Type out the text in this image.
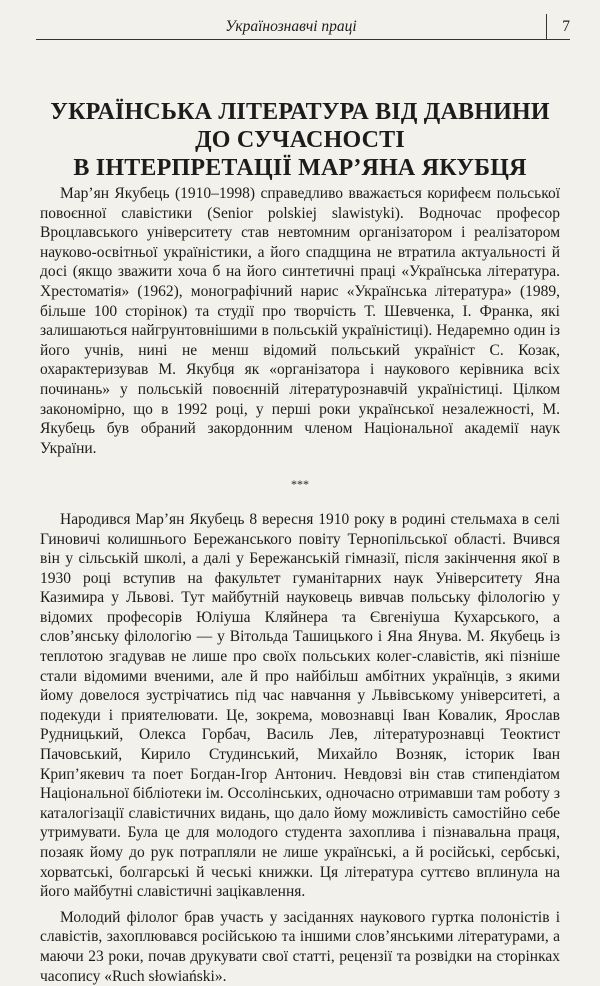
Українознавчі праці	7
УКРАЇНСЬКА ЛІТЕРАТУРА ВІД ДАВНИНИ
ДО СУЧАСНОСТІ
В ІНТЕРПРЕТАЦІЇ МАР’ЯНА ЯКУБЦЯ

Мар’ян Якубець (1910–1998) справедливо вважається корифеєм польської повоєнної славістики (Senior polskiej slawistyki). Водночас професор Вроцлавського університету став невтомним організатором і реалізатором науково-освітньої україністики, а його спадщина не втратила актуальності й досі (якщо зважити хоча б на його синтетичні праці «Українська література. Хрестоматія» (1962), монографічний нарис «Українська література» (1989, більше 100 сторінок) та студії про творчість Т. Шевченка, І. Франка, які залишаються найгрунтовнішими в польській україністиці). Недаремно один із його учнів, нині не менш відомий польський україніст С. Козак, охарактеризував М. Якубця як «організатора і наукового керівника всіх починань» у польській повоєнній літературознавчій україністиці. Цілком закономірно, що в 1992 році, у перші роки української незалежності, М. Якубець був обраний закордонним членом Національної академії наук України.

***

Народився Мар’ян Якубець 8 вересня 1910 року в родині стельмаха в селі Гиновичі колишнього Бережанського повіту Тернопільської області. Вчився він у сільській школі, а далі у Бережанській гімназії, після закінчення якої в 1930 році вступив на факультет гуманітарних наук Університету Яна Казимира у Львові. Тут майбутній науковець вивчав польську філологію у відомих професорів Юліуша Кляйнера та Євгеніуша Кухарського, а слов’янську філологію — у Вітольда Ташицького і Яна Янува. М. Якубець із теплотою згадував не лише про своїх польських колег-славістів, які пізніше стали відомими вченими, але й про найбільш амбітних українців, з якими йому довелося зустрічатись під час навчання у Львівському університеті, а подекуди і приятелювати. Це, зокрема, мовознавці Іван Ковалик, Ярослав Рудницький, Олекса Горбач, Василь Лев, літературознавці Теоктист Пачовський, Кирило Студинський, Михайло Возняк, історик Іван Крип’якевич та поет Богдан-Ігор Антонич. Невдовзі він став стипендіатом Національної бібліотеки ім. Оссолінських, одночасно отримавши там роботу з каталогізації славістичних видань, що дало йому можливість самостійно себе утримувати. Була це для молодого студента захоплива і пізнавальна праця, позаяк йому до рук потрапляли не лише українські, а й російські, сербські, хорватські, болгарські й чеські книжки. Ця література суттєво вплинула на його майбутні славістичні зацікавлення.

Молодий філолог брав участь у засіданнях наукового гуртка полоністів і славістів, захоплювався російською та іншими слов’янськими літературами, а маючи 23 роки, почав друкувати свої статті, рецензії та розвідки на сторінках часопису «Ruch słowiański».
